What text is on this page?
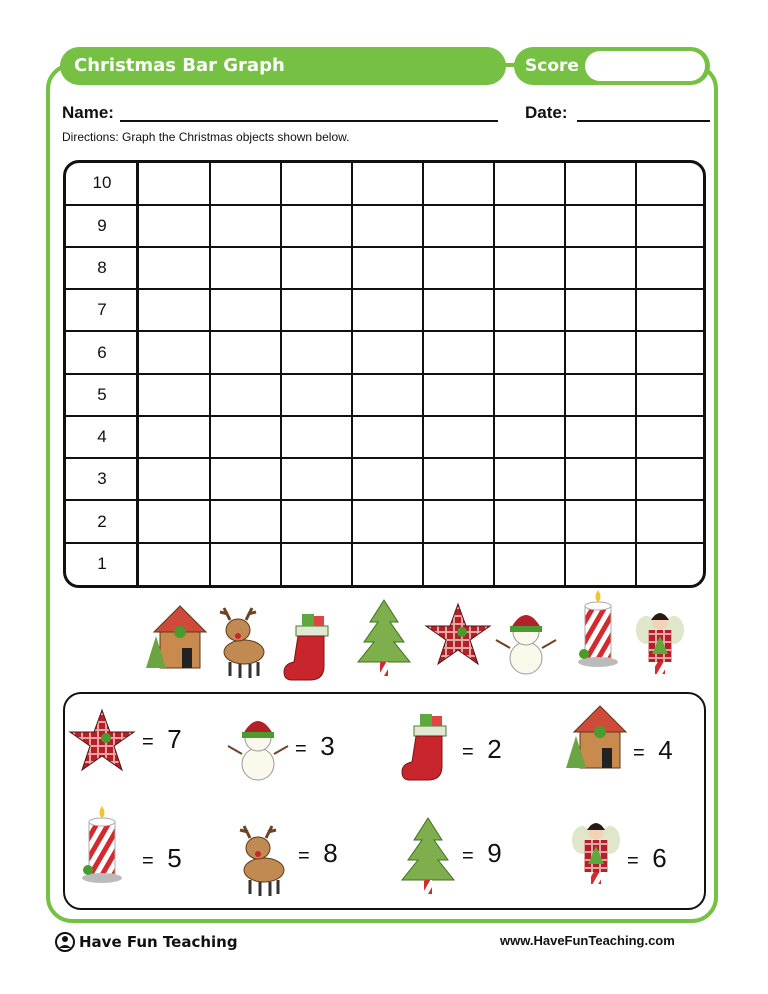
Christmas Bar Graph	Score
Name:	Date:
Directions: Graph the Christmas objects shown below.
10
9
8
7
6
5
4
3
2
1
= 7	= 3	= 2	= 4
= 5	= 8	= 9	= 6
Have Fun Teaching	www.HaveFunTeaching.com
